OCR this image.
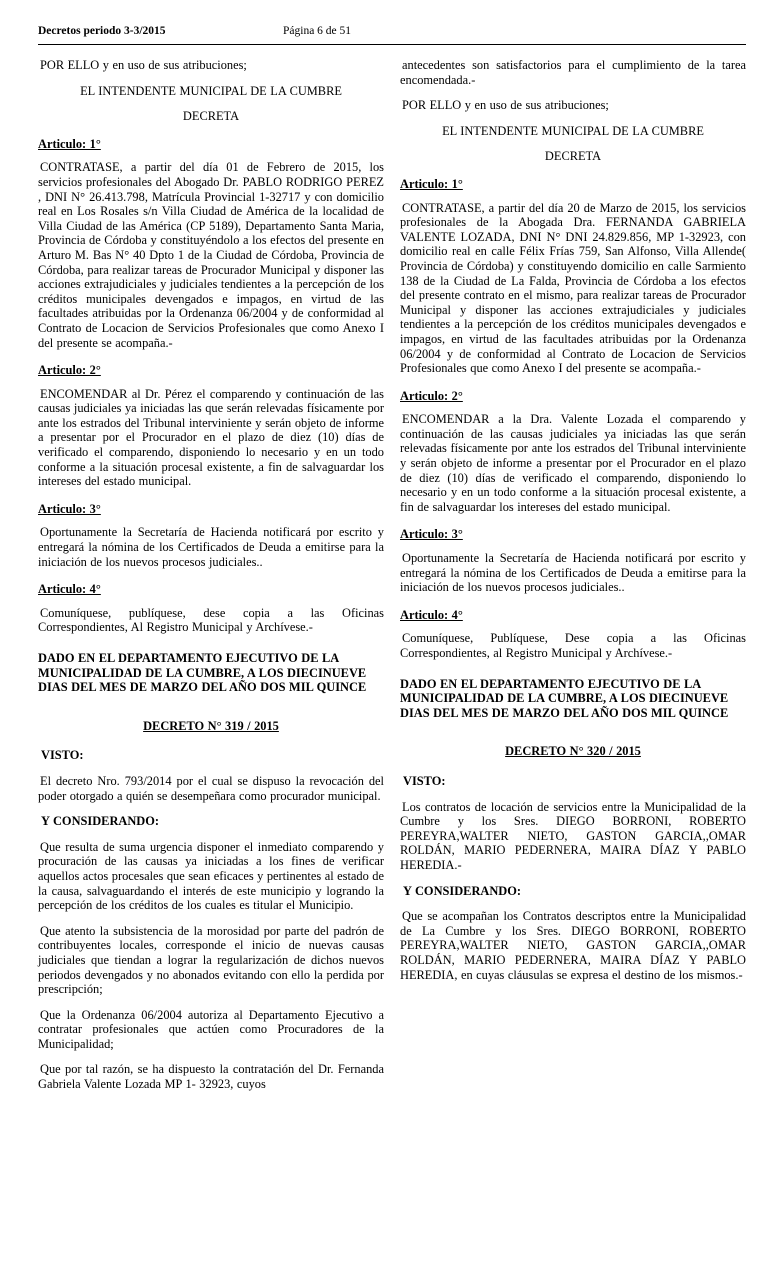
Decretos periodo 3-3/2015	Página 6 de 51
POR ELLO y en uso de sus atribuciones;
EL INTENDENTE MUNICIPAL DE LA CUMBRE
DECRETA
Articulo: 1°
CONTRATASE, a partir del día 01 de Febrero de 2015, los servicios profesionales del Abogado Dr. PABLO RODRIGO PEREZ , DNI N° 26.413.798, Matrícula Provincial 1-32717 y con domicilio real en Los Rosales s/n Villa Ciudad de América de la localidad de Villa Ciudad de las América (CP 5189), Departamento Santa Maria, Provincia de Córdoba y constituyéndolo a los efectos del presente en Arturo M. Bas N° 40 Dpto 1 de la Ciudad de Córdoba, Provincia de Córdoba, para realizar tareas de Procurador Municipal y disponer las acciones extrajudiciales y judiciales tendientes a la percepción de los créditos municipales devengados e impagos, en virtud de las facultades atribuidas por la Ordenanza 06/2004 y de conformidad al Contrato de Locacion de Servicios Profesionales que como Anexo I del presente se acompaña.-
Articulo: 2°
ENCOMENDAR al Dr. Pérez el comparendo y continuación de las causas judiciales ya iniciadas las que serán relevadas físicamente por ante los estrados del Tribunal interviniente y serán objeto de informe a presentar por el Procurador en el plazo de diez (10) días de verificado el comparendo, disponiendo lo necesario y en un todo conforme a la situación procesal existente, a fin de salvaguardar los intereses del estado municipal.
Articulo: 3°
Oportunamente la Secretaría de Hacienda notificará por escrito y entregará la nómina de los Certificados de Deuda a emitirse para la iniciación de los nuevos procesos judiciales..
Articulo: 4°
Comuníquese, publíquese, dese copia a las Oficinas Correspondientes, Al Registro Municipal y Archívese.-
DADO EN EL DEPARTAMENTO EJECUTIVO DE LA MUNICIPALIDAD DE LA CUMBRE, A LOS DIECINUEVE DIAS DEL MES DE MARZO DEL AÑO DOS MIL QUINCE
DECRETO N° 319 / 2015
VISTO:
El decreto Nro. 793/2014 por el cual se dispuso la revocación del poder otorgado a quién se desempeñara como procurador municipal.
Y CONSIDERANDO:
Que resulta de suma urgencia disponer el inmediato comparendo y procuración de las causas ya iniciadas a los fines de verificar aquellos actos procesales que sean eficaces y pertinentes al estado de la causa, salvaguardando el interés de este municipio y logrando la percepción de los créditos de los cuales es titular el Municipio.
Que atento la subsistencia de la morosidad por parte del padrón de contribuyentes locales, corresponde el inicio de nuevas causas judiciales que tiendan a lograr la regularización de dichos nuevos periodos devengados y no abonados evitando con ello la perdida por prescripción;
Que la Ordenanza 06/2004 autoriza al Departamento Ejecutivo a contratar profesionales que actúen como Procuradores de la Municipalidad;
Que por tal razón, se ha dispuesto la contratación del Dr. Fernanda Gabriela Valente Lozada MP 1- 32923, cuyos
antecedentes son satisfactorios para el cumplimiento de la tarea encomendada.-
POR ELLO y en uso de sus atribuciones;
EL INTENDENTE MUNICIPAL DE LA CUMBRE
DECRETA
Articulo: 1°
CONTRATASE, a partir del día 20 de Marzo de 2015, los servicios profesionales de la Abogada Dra. FERNANDA GABRIELA VALENTE LOZADA, DNI N° DNI 24.829.856, MP 1-32923, con domicilio real en calle Félix Frías 759, San Alfonso, Villa Allende( Provincia de Córdoba) y constituyendo domicilio en calle Sarmiento 138 de la Ciudad de La Falda, Provincia de Córdoba a los efectos del presente contrato en el mismo, para realizar tareas de Procurador Municipal y disponer las acciones extrajudiciales y judiciales tendientes a la percepción de los créditos municipales devengados e impagos, en virtud de las facultades atribuidas por la Ordenanza 06/2004 y de conformidad al Contrato de Locacion de Servicios Profesionales que como Anexo I del presente se acompaña.-
Articulo: 2°
ENCOMENDAR a la Dra. Valente Lozada el comparendo y continuación de las causas judiciales ya iniciadas las que serán relevadas físicamente por ante los estrados del Tribunal interviniente y serán objeto de informe a presentar por el Procurador en el plazo de diez (10) días de verificado el comparendo, disponiendo lo necesario y en un todo conforme a la situación procesal existente, a fin de salvaguardar los intereses del estado municipal.
Articulo: 3°
Oportunamente la Secretaría de Hacienda notificará por escrito y entregará la nómina de los Certificados de Deuda a emitirse para la iniciación de los nuevos procesos judiciales..
Articulo: 4°
Comuníquese, Publíquese, Dese copia a las Oficinas Correspondientes, al Registro Municipal y Archívese.-
DADO EN EL DEPARTAMENTO EJECUTIVO DE LA MUNICIPALIDAD DE LA CUMBRE, A LOS DIECINUEVE DIAS DEL MES DE MARZO DEL AÑO DOS MIL QUINCE
DECRETO N° 320 / 2015
VISTO:
Los contratos de locación de servicios entre la Municipalidad de la Cumbre y los Sres. DIEGO BORRONI, ROBERTO PEREYRA,WALTER NIETO, GASTON GARCIA,,OMAR ROLDÁN, MARIO PEDERNERA, MAIRA DÍAZ Y PABLO HEREDIA.-
Y CONSIDERANDO:
Que se acompañan los Contratos descriptos entre la Municipalidad de La Cumbre y los Sres. DIEGO BORRONI, ROBERTO PEREYRA,WALTER NIETO, GASTON GARCIA,,OMAR ROLDÁN, MARIO PEDERNERA, MAIRA DÍAZ Y PABLO HEREDIA, en cuyas cláusulas se expresa el destino de los mismos.-
